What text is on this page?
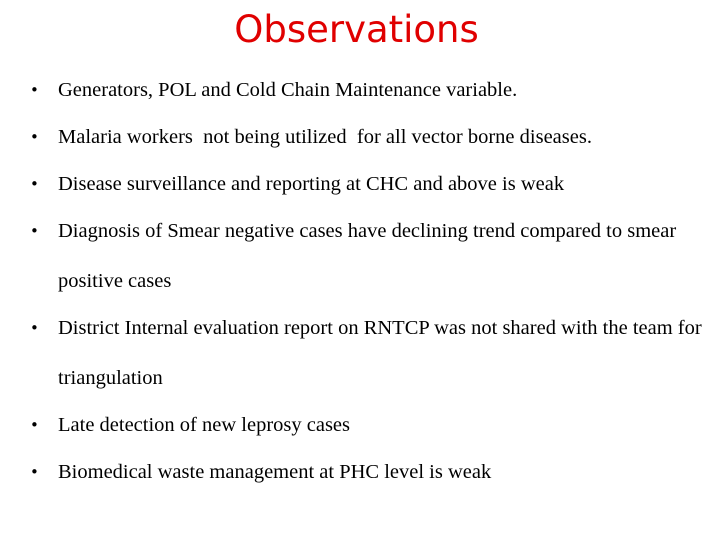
Observations
• Generators, POL and Cold Chain Maintenance variable.
• Malaria workers  not being utilized  for all vector borne diseases.
• Disease surveillance and reporting at CHC and above is weak
• Diagnosis of Smear negative cases have declining trend compared to smear positive cases
• District Internal evaluation report on RNTCP was not shared with the team for triangulation
• Late detection of new leprosy cases
• Biomedical waste management at PHC level is weak
